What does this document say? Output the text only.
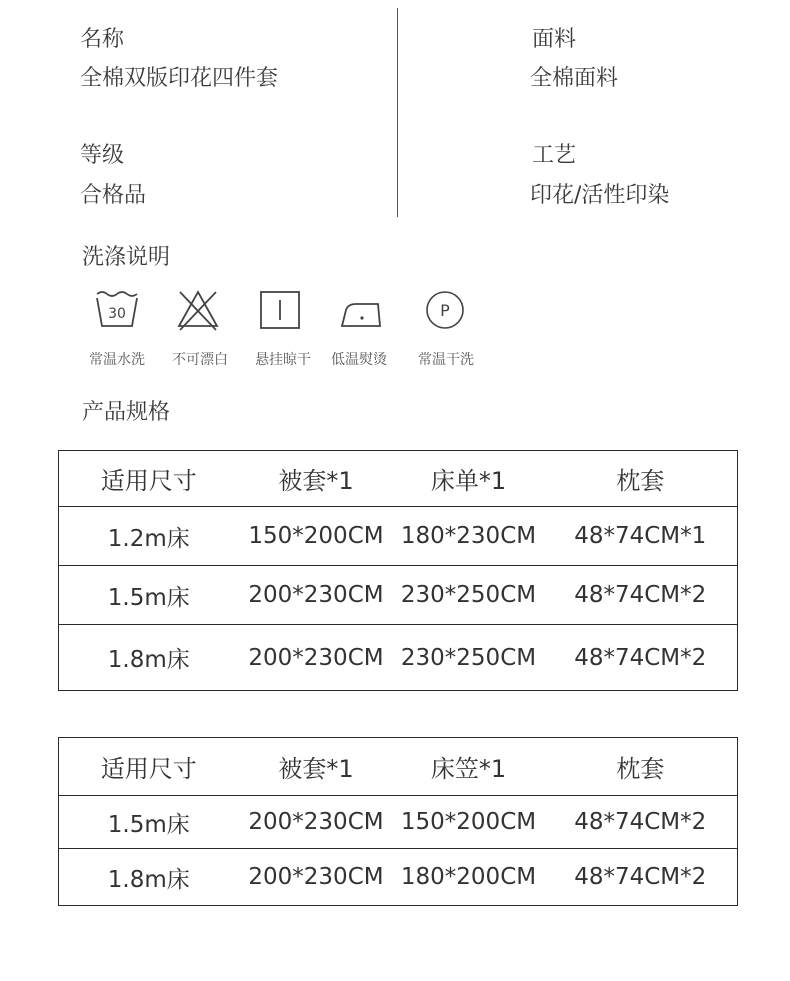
名称
全棉双版印花四件套
等级
合格品
面料
全棉面料
工艺
印花/活性印染
洗涤说明
30	P
常温水洗	不可漂白	悬挂晾干	低温熨烫	常温干洗
产品规格
适用尺寸	被套*1	床单*1	枕套
1.2m床	150*200CM	180*230CM	48*74CM*1
1.5m床	200*230CM	230*250CM	48*74CM*2
1.8m床	200*230CM	230*250CM	48*74CM*2
适用尺寸	被套*1	床笠*1	枕套
1.5m床	200*230CM	150*200CM	48*74CM*2
1.8m床	200*230CM	180*200CM	48*74CM*2
